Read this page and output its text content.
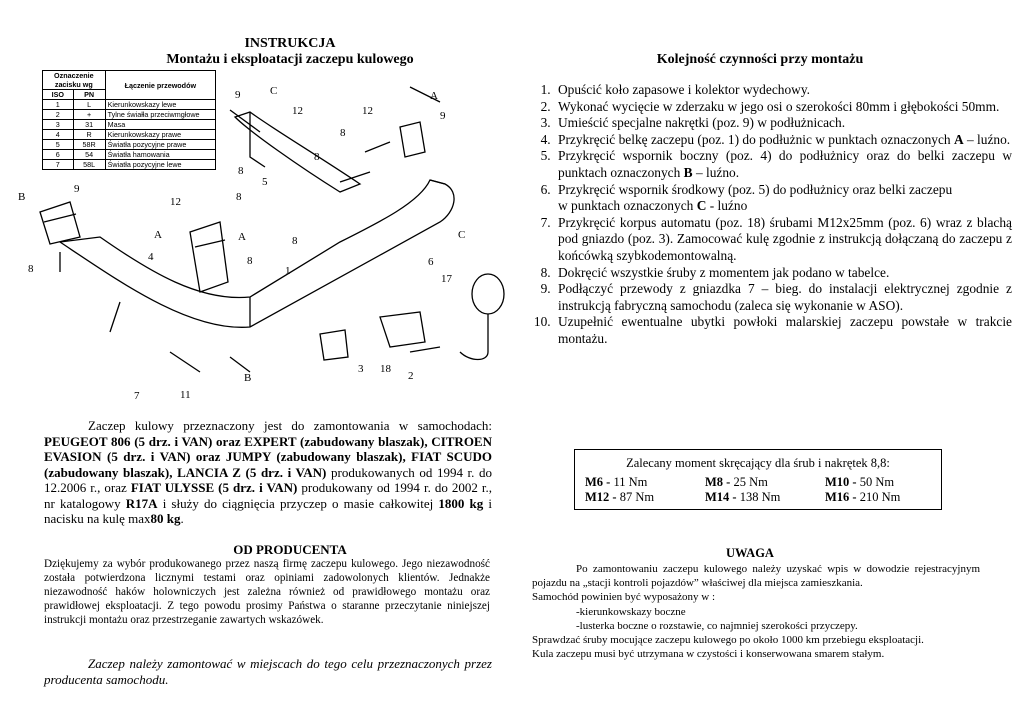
INSTRUKCJA
Montażu i eksploatacji zaczepu kulowego
Oznaczenie zacisku wg		Łączenie przewodów
ISO	PN	
1	L	Kierunkowskazy lewe
2	+	Tylne świałła przeciwmgłowe
3	31	Masa
4	R	Kierunkowskazy prawe
5	58R	Światła pozycyjne prawe
6	54	Światła hamowania
7	58L	Światła pozycyjne lewe
9	C
12
A
9
12
8
8
8
5
B
9
12
A
8
A
8
C
8
1
6
4
17
8
3 18
2
7	11
B
Zaczep kulowy przeznaczony jest do zamontowania w samochodach: PEUGEOT 806 (5 drz. i VAN) oraz EXPERT (zabudowany blaszak), CITROEN EVASION (5 drz. i VAN) oraz JUMPY (zabudowany blaszak), FIAT SCUDO (zabudowany blaszak), LANCIA Z (5 drz. i VAN) produkowanych od 1994 r. do 12.2006 r., oraz FIAT ULYSSE (5 drz. i VAN) produkowany od 1994 r. do 2002 r., nr katalogowy R17A i służy do ciągnięcia przyczep o masie całkowitej 1800 kg i nacisku na kulę max80 kg.
OD PRODUCENTA
Dziękujemy za wybór produkowanego przez naszą firmę zaczepu kulowego. Jego niezawodność została potwierdzona licznymi testami oraz opiniami zadowolonych klientów. Jednakże niezawodność haków holowniczych jest zależna również od prawidłowego montażu oraz prawidłowej eksploatacji. Z tego powodu prosimy Państwa o staranne przeczytanie niniejszej instrukcji montażu oraz przestrzeganie zawartych wskazówek.
Zaczep należy zamontować w miejscach do tego celu przeznaczonych przez producenta samochodu.
Kolejność czynności przy montażu
1. Opuścić koło zapasowe i kolektor wydechowy.
2. Wykonać wycięcie w zderzaku w jego osi o szerokości 80mm i głębokości 50mm.
3. Umieścić specjalne nakrętki (poz. 9) w podłużnicach.
4. Przykręcić belkę zaczepu (poz. 1) do podłużnic w punktach oznaczonych A – luźno.
5. Przykręcić wspornik boczny (poz. 4) do podłużnicy oraz do belki zaczepu w punktach oznaczonych B – luźno.
6. Przykręcić wspornik środkowy (poz. 5) do podłużnicy oraz belki zaczepu
w punktach oznaczonych C - luźno
7. Przykręcić korpus automatu (poz. 18) śrubami M12x25mm (poz. 6) wraz z blachą pod gniazdo (poz. 3). Zamocować kulę zgodnie z instrukcją dołączaną do zaczepu z końcówką szybkodemontowalną.
8. Dokręcić wszystkie śruby z momentem jak podano w tabelce.
9. Podłączyć przewody z gniazdka 7 – bieg. do instalacji elektrycznej zgodnie z instrukcją fabryczną samochodu (zaleca się wykonanie w ASO).
10. Uzupełnić ewentualne ubytki powłoki malarskiej zaczepu powstałe w trakcie montażu.
Zalecany moment skręcający dla śrub i nakrętek 8,8:
M6 - 11 Nm	M8 - 25 Nm	M10 - 50 Nm
M12 - 87 Nm	M14 - 138 Nm	M16 - 210 Nm
UWAGA
Po zamontowaniu zaczepu kulowego należy uzyskać wpis w dowodzie rejestracyjnym pojazdu na „stacji kontroli pojazdów” właściwej dla miejsca zamieszkania.
Samochód powinien być wyposażony w :
-kierunkowskazy boczne
-lusterka boczne o rozstawie, co najmniej szerokości przyczepy.
Sprawdzać śruby mocujące zaczepu kulowego po około 1000 km przebiegu eksploatacji.
Kula zaczepu musi być utrzymana w czystości i konserwowana smarem stałym.
